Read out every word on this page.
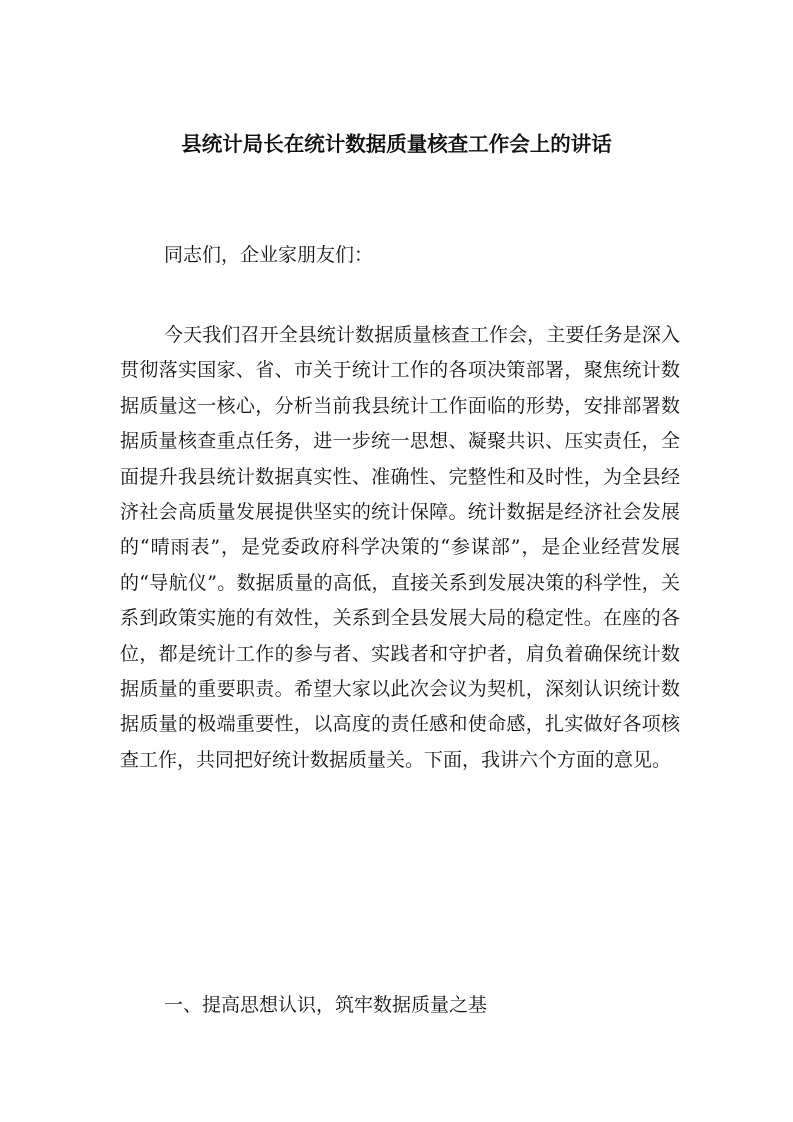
县统计局长在统计数据质量核查工作会上的讲话

同志们，企业家朋友们：

今天我们召开全县统计数据质量核查工作会，主要任务是深入贯彻落实国家、省、市关于统计工作的各项决策部署，聚焦统计数据质量这一核心，分析当前我县统计工作面临的形势，安排部署数据质量核查重点任务，进一步统一思想、凝聚共识、压实责任，全面提升我县统计数据真实性、准确性、完整性和及时性，为全县经济社会高质量发展提供坚实的统计保障。统计数据是经济社会发展的“晴雨表”，是党委政府科学决策的“参谋部”，是企业经营发展的“导航仪”。数据质量的高低，直接关系到发展决策的科学性，关系到政策实施的有效性，关系到全县发展大局的稳定性。在座的各位，都是统计工作的参与者、实践者和守护者，肩负着确保统计数据质量的重要职责。希望大家以此次会议为契机，深刻认识统计数据质量的极端重要性，以高度的责任感和使命感，扎实做好各项核查工作，共同把好统计数据质量关。下面，我讲六个方面的意见。

一、提高思想认识，筑牢数据质量之基
